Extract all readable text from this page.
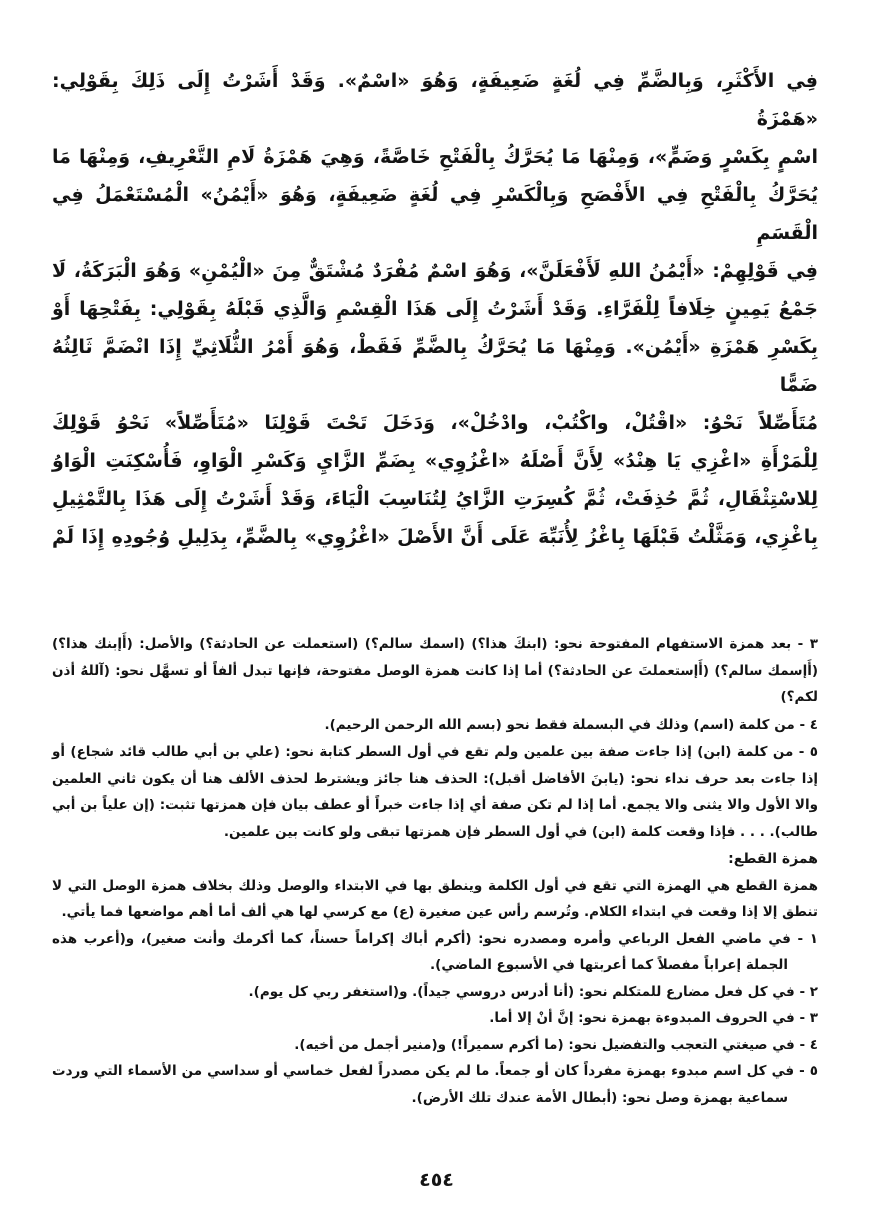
فِي الأَكْثَرِ، وَبِالضَّمِّ فِي لُغَةٍ ضَعِيفَةٍ، وَهُوَ «اسْمٌ». وَقَدْ أَشَرْتُ إِلَى ذَلِكَ بِقَوْلِي: «هَمْزَةُ

اسْمٍ بِكَسْرٍ وَضَمٍّ»، وَمِنْهَا مَا يُحَرَّكُ بِالْفَتْحِ خَاصَّةً، وَهِيَ هَمْزَةُ لَامِ التَّعْرِيفِ، وَمِنْهَا مَا

يُحَرَّكُ بِالْفَتْحِ فِي الأَفْصَحِ وَبِالْكَسْرِ فِي لُغَةٍ ضَعِيفَةٍ، وَهُوَ «أَيْمُنُ» الْمُسْتَعْمَلُ فِي الْقَسَمِ

فِي قَوْلِهِمْ: «أَيْمُنُ اللهِ لَأَفْعَلَنَّ»، وَهُوَ اسْمٌ مُفْرَدٌ مُشْتَقٌّ مِنَ «الْيُمْنِ» وَهُوَ الْبَرَكَةُ، لَا

جَمْعُ يَمِينٍ خِلَافاً لِلْفَرَّاءِ. وَقَدْ أَشَرْتُ إِلَى هَذَا الْقِسْمِ وَالَّذِي قَبْلَهُ بِقَوْلِي: بِفَتْحِهَا أَوْ

بِكَسْرِ هَمْزَةِ «أَيْمُن». وَمِنْهَا مَا يُحَرَّكُ بِالضَّمِّ فَقَطْ، وَهُوَ أَمْرُ الثُّلَاثِيِّ إِذَا انْضَمَّ ثَالِثُهُ ضَمًّا

مُتَأَصِّلاً نَحْوُ: «اقْتُلْ، واكْتُبْ، وادْخُلْ»، وَدَخَلَ تَحْتَ قَوْلِنَا «مُتَأَصِّلاً» نَحْوُ قَوْلِكَ

لِلْمَرْأَةِ «اغْزِي يَا هِنْدُ» لِأَنَّ أَصْلَهُ «اغْزُوِي» بِضَمِّ الزَّايِ وَكَسْرِ الْوَاوِ، فَأُسْكِنَتِ الْوَاوُ

لِلاسْتِثْقَالِ، ثُمَّ حُذِفَتْ، ثُمَّ كُسِرَتِ الزَّايُ لِتُنَاسِبَ الْيَاءَ، وَقَدْ أَشَرْتُ إِلَى هَذَا بِالتَّمْثِيلِ

بِاغْزِي، وَمَثَّلْتُ قَبْلَهَا بِاغْزُ لِأُنَبِّهَ عَلَى أَنَّ الأَصْلَ «اغْزُوِي» بِالضَّمِّ، بِدَلِيلِ وُجُودِهِ إِذَا لَمْ

٣ - بعد همزة الاستفهام المفتوحة نحو: (ابنكَ هذا؟) (اسمك سالم؟) (استعملت عن الحادثة؟) والأصل: (أَإبنك هذا؟) (أَإسمك سالم؟) (أَإستعملتَ عن الحادثة؟) أما إذا كانت همزة الوصل مفتوحة، فإنها تبدل ألفاً أو تسهَّل نحو: (آللهُ أذن لكم؟)

٤ - من كلمة (اسم) وذلك في البسملة فقط نحو (بسم الله الرحمن الرحيم).

٥ - من كلمة (ابن) إذا جاءت صفة بين علمين ولم تقع في أول السطر كتابة نحو: (علي بن أبي طالب قائد شجاع) أو إذا جاءت بعد حرف نداء نحو: (يابنَ الأفاضل أقبل): الحذف هنا جائز ويشترط لحذف الألف هنا أن يكون ثاني العلمين والا الأول والا يثنى والا يجمع. أما إذا لم تكن صفة أي إذا جاءت خبراً أو عطف بيان فإن همزتها تثبت: (إن علياً بن أبي طالب). . . . فإذا وقعت كلمة (ابن) في أول السطر فإن همزتها تبقى ولو كانت بين علمين.

همزة القطع:

همزة القطع هي الهمزة التي تقع في أول الكلمة وينطق بها في الابتداء والوصل وذلك بخلاف همزة الوصل التي لا تنطق إلا إذا وقعت في ابتداء الكلام. وتُرسم رأس عين صغيرة (ع) مع كرسي لها هي ألف أما أهم مواضعها فما يأتي.

١ - في ماضي الفعل الرباعي وأمره ومصدره نحو: (أكرم أباك إكراماً حسناً، كما أكرمك وأنت صغير)، و(أعرب هذه الجملة إعراباً مفصلاً كما أعربتها في الأسبوع الماضي).

٢ - في كل فعل مضارع للمتكلم نحو: (أنا أدرس دروسي جيداً). و(استغفر ربي كل يوم).

٣ - في الحروف المبدوءة بهمزة نحو: إنَّ أنْ إلا أما.

٤ - في صيغتي التعجب والتفضيل نحو: (ما أكرم سميراً!) و(منير أجمل من أخيه).

٥ - في كل اسم مبدوء بهمزة مفرداً كان أو جمعاً. ما لم يكن مصدراً لفعل خماسي أو سداسي من الأسماء التي وردت سماعية بهمزة وصل نحو: (أبطال الأمة عندك تلك الأرض).

٤٥٤
